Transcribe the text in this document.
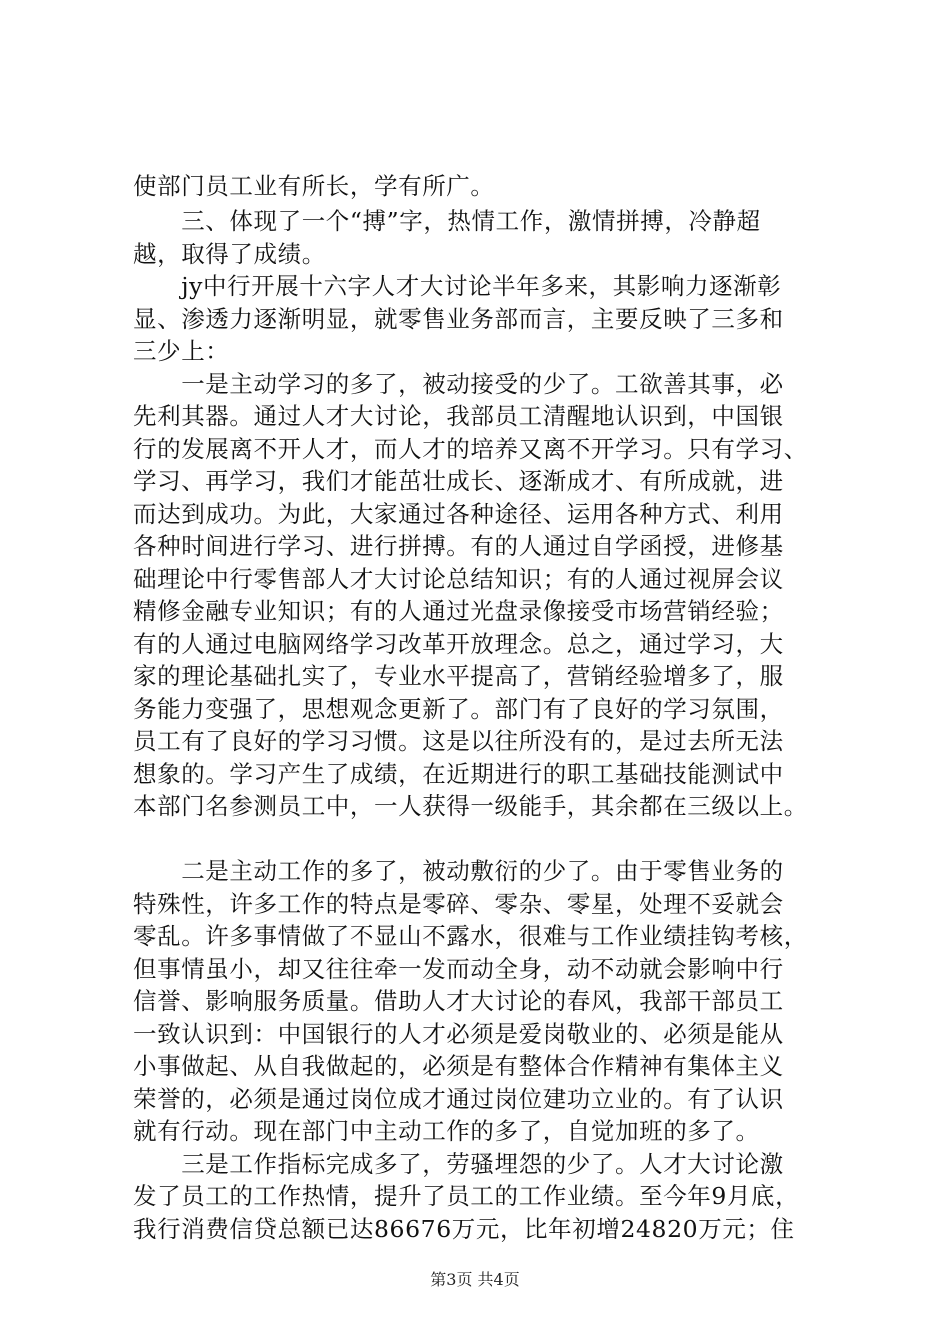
使部门员工业有所长，学有所广。
　　三、体现了一个“搏”字，热情工作，激情拼搏，冷静超
越，取得了成绩。
　　jy中行开展十六字人才大讨论半年多来，其影响力逐渐彰
显、渗透力逐渐明显，就零售业务部而言，主要反映了三多和
三少上：
　　一是主动学习的多了，被动接受的少了。工欲善其事，必
先利其器。通过人才大讨论，我部员工清醒地认识到，中国银
行的发展离不开人才，而人才的培养又离不开学习。只有学习、
学习、再学习，我们才能茁壮成长、逐渐成才、有所成就，进
而达到成功。为此，大家通过各种途径、运用各种方式、利用
各种时间进行学习、进行拼搏。有的人通过自学函授，进修基
础理论中行零售部人才大讨论总结知识；有的人通过视屏会议
精修金融专业知识；有的人通过光盘录像接受市场营销经验；
有的人通过电脑网络学习改革开放理念。总之，通过学习，大
家的理论基础扎实了，专业水平提高了，营销经验增多了，服
务能力变强了，思想观念更新了。部门有了良好的学习氛围，
员工有了良好的学习习惯。这是以往所没有的，是过去所无法
想象的。学习产生了成绩，在近期进行的职工基础技能测试中
本部门名参测员工中，一人获得一级能手，其余都在三级以上。
　　二是主动工作的多了，被动敷衍的少了。由于零售业务的
特殊性，许多工作的特点是零碎、零杂、零星，处理不妥就会
零乱。许多事情做了不显山不露水，很难与工作业绩挂钩考核，
但事情虽小，却又往往牵一发而动全身，动不动就会影响中行
信誉、影响服务质量。借助人才大讨论的春风，我部干部员工
一致认识到：中国银行的人才必须是爱岗敬业的、必须是能从
小事做起、从自我做起的，必须是有整体合作精神有集体主义
荣誉的，必须是通过岗位成才通过岗位建功立业的。有了认识
就有行动。现在部门中主动工作的多了，自觉加班的多了。
　　三是工作指标完成多了，劳骚埋怨的少了。人才大讨论激
发了员工的工作热情，提升了员工的工作业绩。至今年9月底，
我行消费信贷总额已达86676万元，比年初增24820万元；住
第3页 共4页
